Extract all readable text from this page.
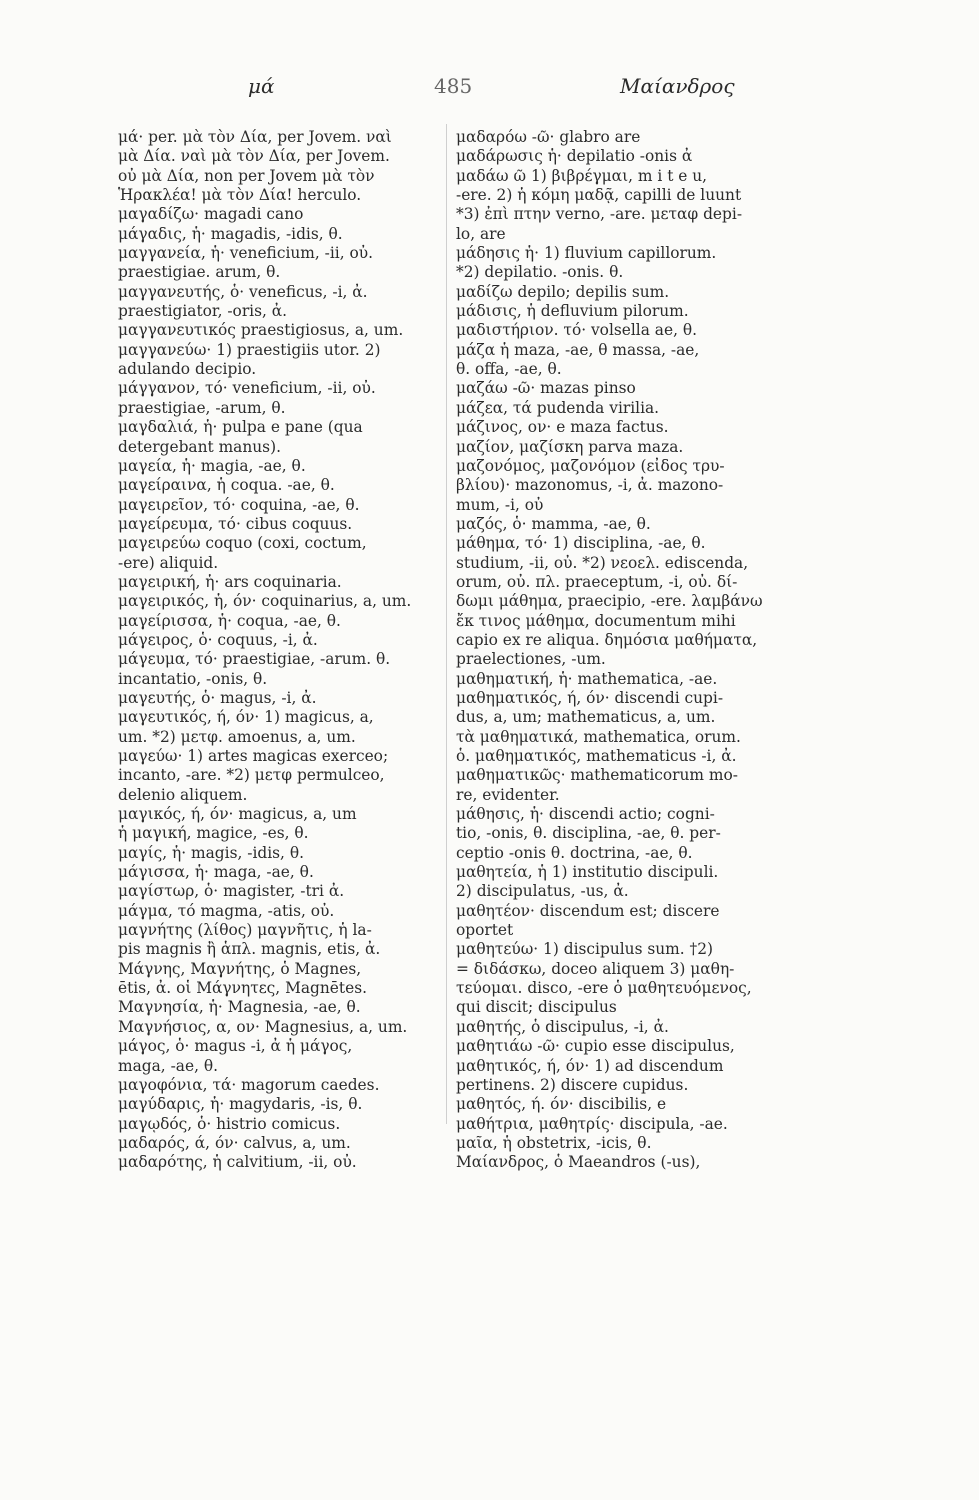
μά	485	Μαίανδρος
μά· per. μὰ τὸν Δία, per Jovem. ναὶ
μὰ Δία. ναὶ μὰ τὸν Δία, per Jovem.
οὐ μὰ Δία, non per Jovem μὰ τὸν
Ἡρακλέα! μὰ τὸν Δία! herculo.
μαγαδίζω· magadi cano
μάγαδις, ἡ· magadis, -idis, θ.
μαγγανεία, ἡ· veneficium, -ii, οὐ.
praestigiae. arum, θ.
μαγγανευτής, ὁ· veneficus, -i, ἀ.
praestigiator, -oris, ἀ.
μαγγανευτικός praestigiosus, a, um.
μαγγανεύω· 1) praestigiis utor. 2)
adulando decipio.
μάγγανον, τό· veneficium, -ii, οὐ.
praestigiae, -arum, θ.
μαγδαλιά, ἡ· pulpa e pane (qua
detergebant manus).
μαγεία, ἡ· magia, -ae, θ.
μαγείραινα, ἡ coqua. -ae, θ.
μαγειρεῖον, τό· coquina, -ae, θ.
μαγείρευμα, τό· cibus coquus.
μαγειρεύω coquo (coxi, coctum,
-ere) aliquid.
μαγειρική, ἡ· ars coquinaria.
μαγειρικός, ἡ, όν· coquinarius, a, um.
μαγείρισσα, ἡ· coqua, -ae, θ.
μάγειρος, ὁ· coquus, -i, ἀ.
μάγευμα, τό· praestigiae, -arum. θ.
incantatio, -onis, θ.
μαγευτής, ὁ· magus, -i, ἀ.
μαγευτικός, ή, όν· 1) magicus, a,
um. *2) μετφ. amoenus, a, um.
μαγεύω· 1) artes magicas exerceo;
incanto, -are. *2) μετφ permulceo,
delenio aliquem.
μαγικός, ή, όν· magicus, a, um
ἡ μαγική, magice, -es, θ.
μαγίς, ἡ· magis, -idis, θ.
μάγισσα, ἡ· maga, -ae, θ.
μαγίστωρ, ὁ· magister, -tri ἀ.
μάγμα, τό magma, -atis, οὐ.
μαγνήτης (λίθος) μαγνῆτις, ἡ la-
pis magnis ἢ ἁπλ. magnis, etis, ἀ.
Μάγνης, Μαγνήτης, ὁ Magnes,
ētis, ἀ. οἱ Μάγνητες, Magnētes.
Μαγνησία, ἡ· Magnesia, -ae, θ.
Μαγνήσιος, α, ον· Magnesius, a, um.
μάγος, ὁ· magus -i, ἀ ἡ μάγος,
maga, -ae, θ.
μαγοφόνια, τά· magorum caedes.
μαγύδαρις, ἡ· magydaris, -is, θ.
μαγῳδός, ὁ· histrio comicus.
μαδαρός, ά, όν· calvus, a, um.
μαδαρότης, ἡ calvitium, -ii, οὐ.
μαδαρόω -ῶ· glabro are
μαδάρωσις ἡ· depilatio -onis ἀ
μαδάω ῶ 1) βιβρέγμαι, m i t e u,
-ere. 2) ἡ κόμη μαδᾷ, capilli de luunt
*3) ἐπὶ πτην verno, -are. μεταφ depi-
lo, are
μάδησις ἡ· 1) fluvium capillorum.
*2) depilatio. -onis. θ.
μαδίζω depilo; depilis sum.
μάδισις, ἡ defluvium pilorum.
μαδιστήριον. τό· volsella ae, θ.
μάζα ἡ maza, -ae, θ massa, -ae,
θ. offa, -ae, θ.
μαζάω -ῶ· mazas pinso
μάζεα, τά pudenda virilia.
μάζινος, ον· e maza factus.
μαζίον, μαζίσκη parva maza.
μαζονόμος, μαζονόμον (εἶδος τρυ-
βλίου)· mazonomus, -i, ἀ. mazono-
mum, -i, οὐ
μαζός, ὁ· mamma, -ae, θ.
μάθημα, τό· 1) disciplina, -ae, θ.
studium, -ii, οὐ. *2) νεοελ. ediscenda,
orum, οὐ. πλ. praeceptum, -i, οὐ. δί-
δωμι μάθημα, praecipio, -ere. λαμβάνω
ἔκ τινος μάθημα, documentum mihi
capio ex re aliqua. δημόσια μαθήματα,
praelectiones, -um.
μαθηματική, ἡ· mathematica, -ae.
μαθηματικός, ή, όν· discendi cupi-
dus, a, um; mathematicus, a, um.
τὰ μαθηματικά, mathematica, orum.
ὁ. μαθηματικός, mathematicus -i, ἀ.
μαθηματικῶς· mathematicorum mo-
re, evidenter.
μάθησις, ἡ· discendi actio; cogni-
tio, -onis, θ. disciplina, -ae, θ. per-
ceptio -onis θ. doctrina, -ae, θ.
μαθητεία, ἡ 1) institutio discipuli.
2) discipulatus, -us, ἀ.
μαθητέον· discendum est; discere
oportet
μαθητεύω· 1) discipulus sum. †2)
= διδάσκω, doceo aliquem 3) μαθη-
τεύομαι. disco, -ere ὁ μαθητευόμενος,
qui discit; discipulus
μαθητής, ὁ discipulus, -i, ἀ.
μαθητιάω -ῶ· cupio esse discipulus,
μαθητικός, ή, όν· 1) ad discendum
pertinens. 2) discere cupidus.
μαθητός, ή. όν· discibilis, e
μαθήτρια, μαθητρίς· discipula, -ae.
μαῖα, ἡ obstetrix, -icis, θ.
Μαίανδρος, ὁ Maeandros (-us),
